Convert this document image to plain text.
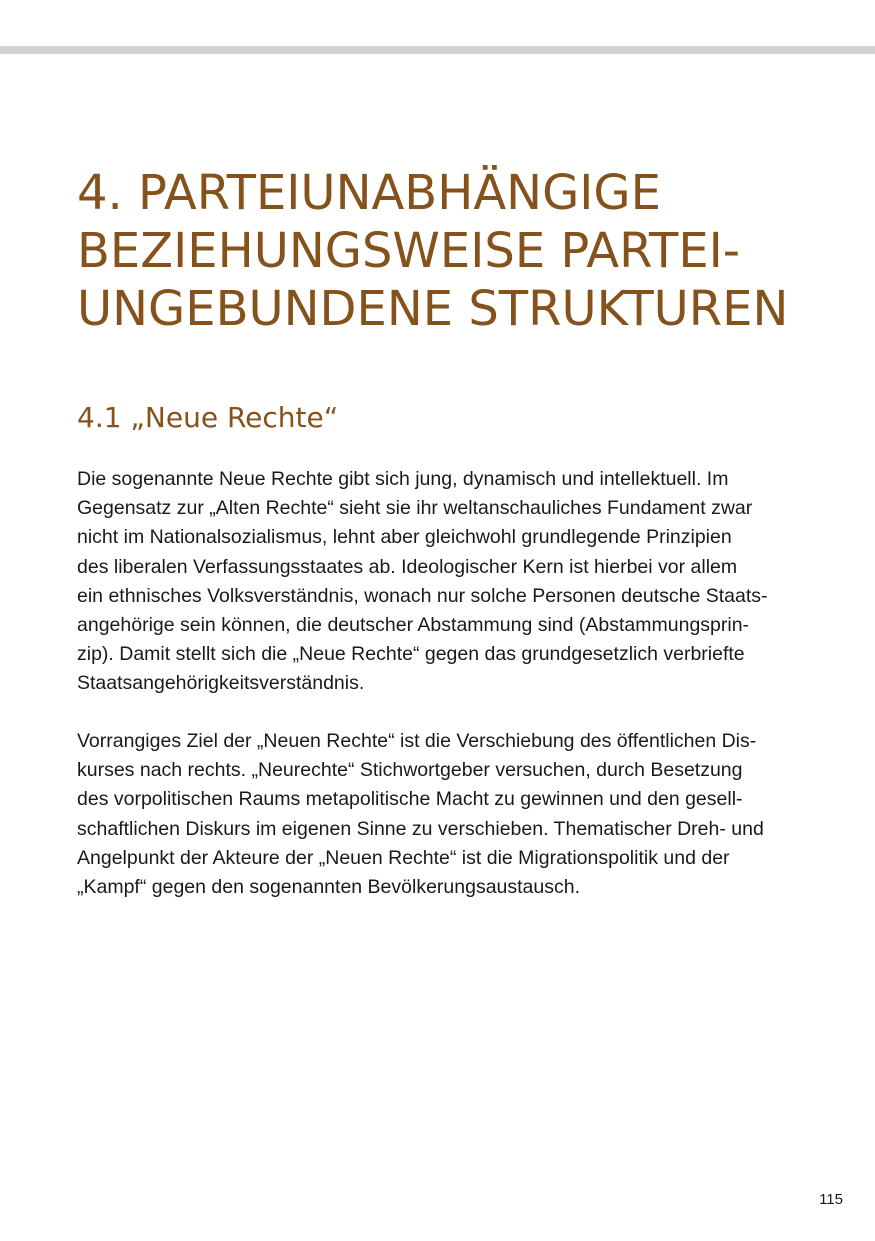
4. PARTEIUNABHÄNGIGE
BEZIEHUNGSWEISE PARTEI-
UNGEBUNDENE STRUKTUREN
4.1 „Neue Rechte“
Die sogenannte Neue Rechte gibt sich jung, dynamisch und intellektuell. Im
Gegensatz zur „Alten Rechte“ sieht sie ihr weltanschauliches Fundament zwar
nicht im Nationalsozialismus, lehnt aber gleichwohl grundlegende Prinzipien
des liberalen Verfassungsstaates ab. Ideologischer Kern ist hierbei vor allem
ein ethnisches Volksverständnis, wonach nur solche Personen deutsche Staats-
angehörige sein können, die deutscher Abstammung sind (Abstammungsprin-
zip). Damit stellt sich die „Neue Rechte“ gegen das grundgesetzlich verbriefte
Staatsangehörigkeitsverständnis.
Vorrangiges Ziel der „Neuen Rechte“ ist die Verschiebung des öffentlichen Dis-
kurses nach rechts. „Neurechte“ Stichwortgeber versuchen, durch Besetzung
des vorpolitischen Raums metapolitische Macht zu gewinnen und den gesell-
schaftlichen Diskurs im eigenen Sinne zu verschieben. Thematischer Dreh- und
Angelpunkt der Akteure der „Neuen Rechte“ ist die Migrationspolitik und der
„Kampf“ gegen den sogenannten Bevölkerungsaustausch.
115
